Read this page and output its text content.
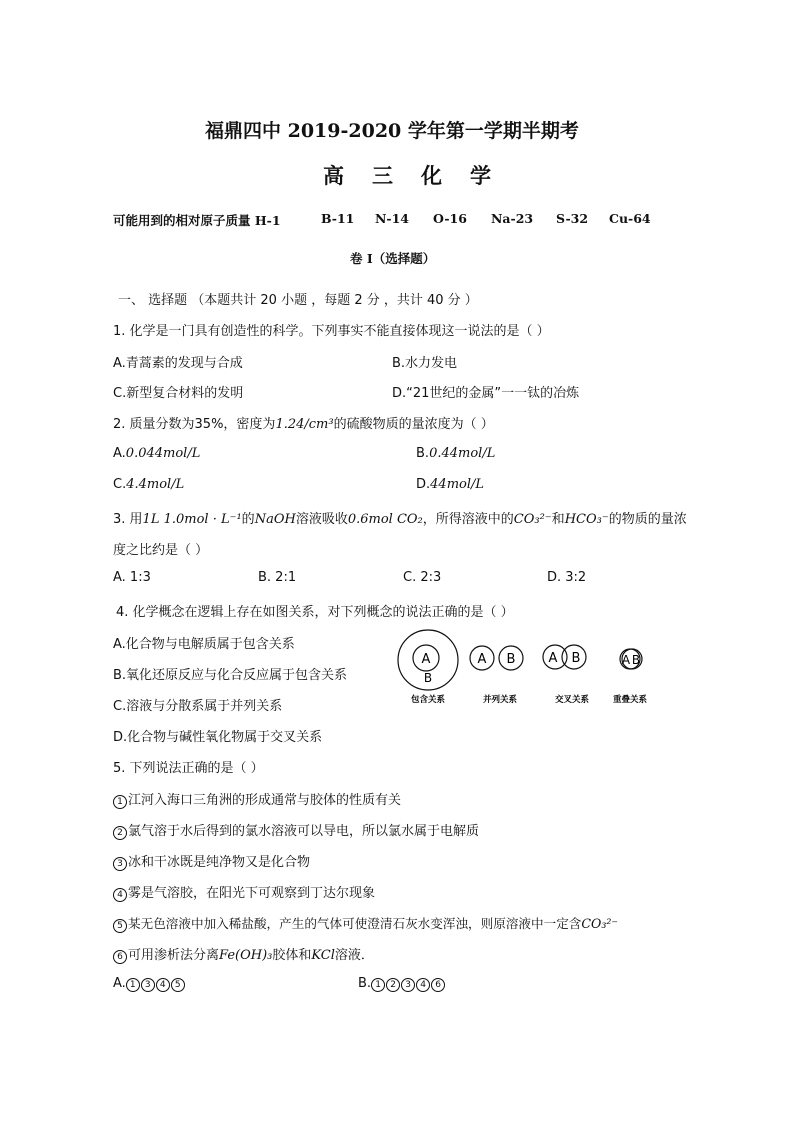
福鼎四中 2019-2020 学年第一学期半期考
高三化学
可能用到的相对原子质量 H-1	B-11 N-14 O-16 Na-23 S-32 Cu-64
卷 I（选择题）
一、 选择题 （本题共计 20 小题 ，每题 2 分 ，共计 40 分 ）
1. 化学是一门具有创造性的科学。下列事实不能直接体现这一说法的是（ ）
A.青蒿素的发现与合成	B.水力发电
C.新型复合材料的发明	D.“21世纪的金属”一一钛的冶炼
2. 质量分数为35%，密度为1.24/cm³的硫酸物质的量浓度为（ ）
A.0.044mol/L	B.0.44mol/L
C.4.4mol/L	D.44mol/L
3. 用1L 1.0mol · L⁻¹的NaOH溶液吸收0.6mol CO₂，所得溶液中的CO₃²⁻和HCO₃⁻的物质的量浓
度之比约是（ ）
A. 1:3	B. 2:1	C. 2:3	D. 3:2
4. 化学概念在逻辑上存在如图关系，对下列概念的说法正确的是（ ）
A.化合物与电解质属于包含关系
B.氧化还原反应与化合反应属于包含关系
C.溶液与分散系属于并列关系
D.化合物与碱性氧化物属于交叉关系
A
B
A B	A B	A B
包含关系	并列关系	交叉关系	重叠关系
5. 下列说法正确的是（ ）
1 江河入海口三角洲的形成通常与胶体的性质有关
2 氯气溶于水后得到的氯水溶液可以导电，所以氯水属于电解质
3 冰和干冰既是纯净物又是化合物
4 雾是气溶胶，在阳光下可观察到丁达尔现象
5 某无色溶液中加入稀盐酸，产生的气体可使澄清石灰水变浑浊，则原溶液中一定含CO₃²⁻
6 可用渗析法分离Fe(OH)₃胶体和KCl溶液．
A. 1 3 4 5	B. 1 2 3 4 6
